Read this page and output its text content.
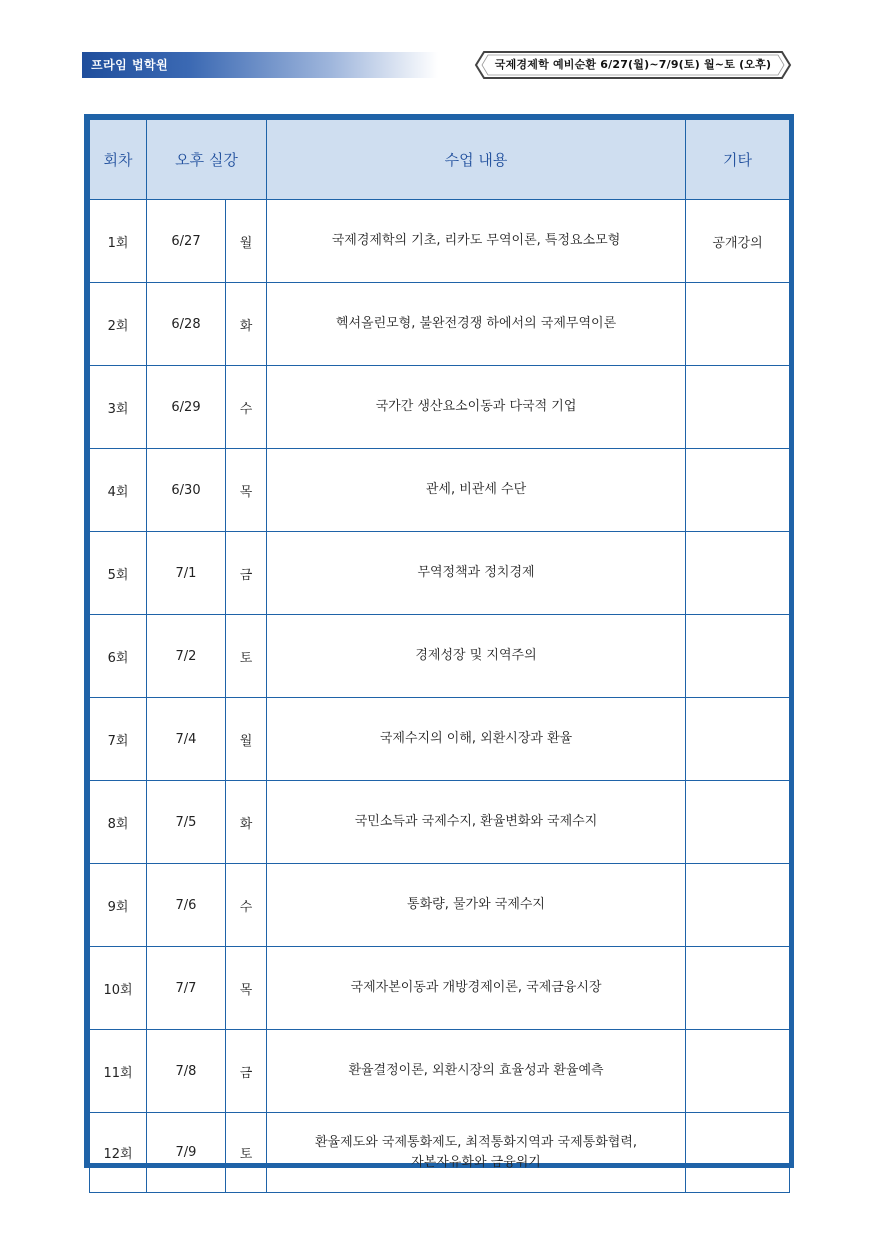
프라임 법학원	국제경제학 예비순환 6/27(월)~7/9(토) 월~토 (오후)
회차	오후 실강		수업 내용	기타
1회	6/27	월	국제경제학의 기초, 리카도 무역이론, 특정요소모형	공개강의
2회	6/28	화	헥셔올린모형, 불완전경쟁 하에서의 국제무역이론	
3회	6/29	수	국가간 생산요소이동과 다국적 기업	
4회	6/30	목	관세, 비관세 수단	
5회	7/1	금	무역정책과 정치경제	
6회	7/2	토	경제성장 및 지역주의	
7회	7/4	월	국제수지의 이해, 외환시장과 환율	
8회	7/5	화	국민소득과 국제수지, 환율변화와 국제수지	
9회	7/6	수	통화량, 물가와 국제수지	
10회	7/7	목	국제자본이동과 개방경제이론, 국제금융시장	
11회	7/8	금	환율결정이론, 외환시장의 효율성과 환율예측	
12회	7/9	토	환율제도와 국제통화제도, 최적통화지역과 국제통화협력,
자본자유화와 금융위기	
